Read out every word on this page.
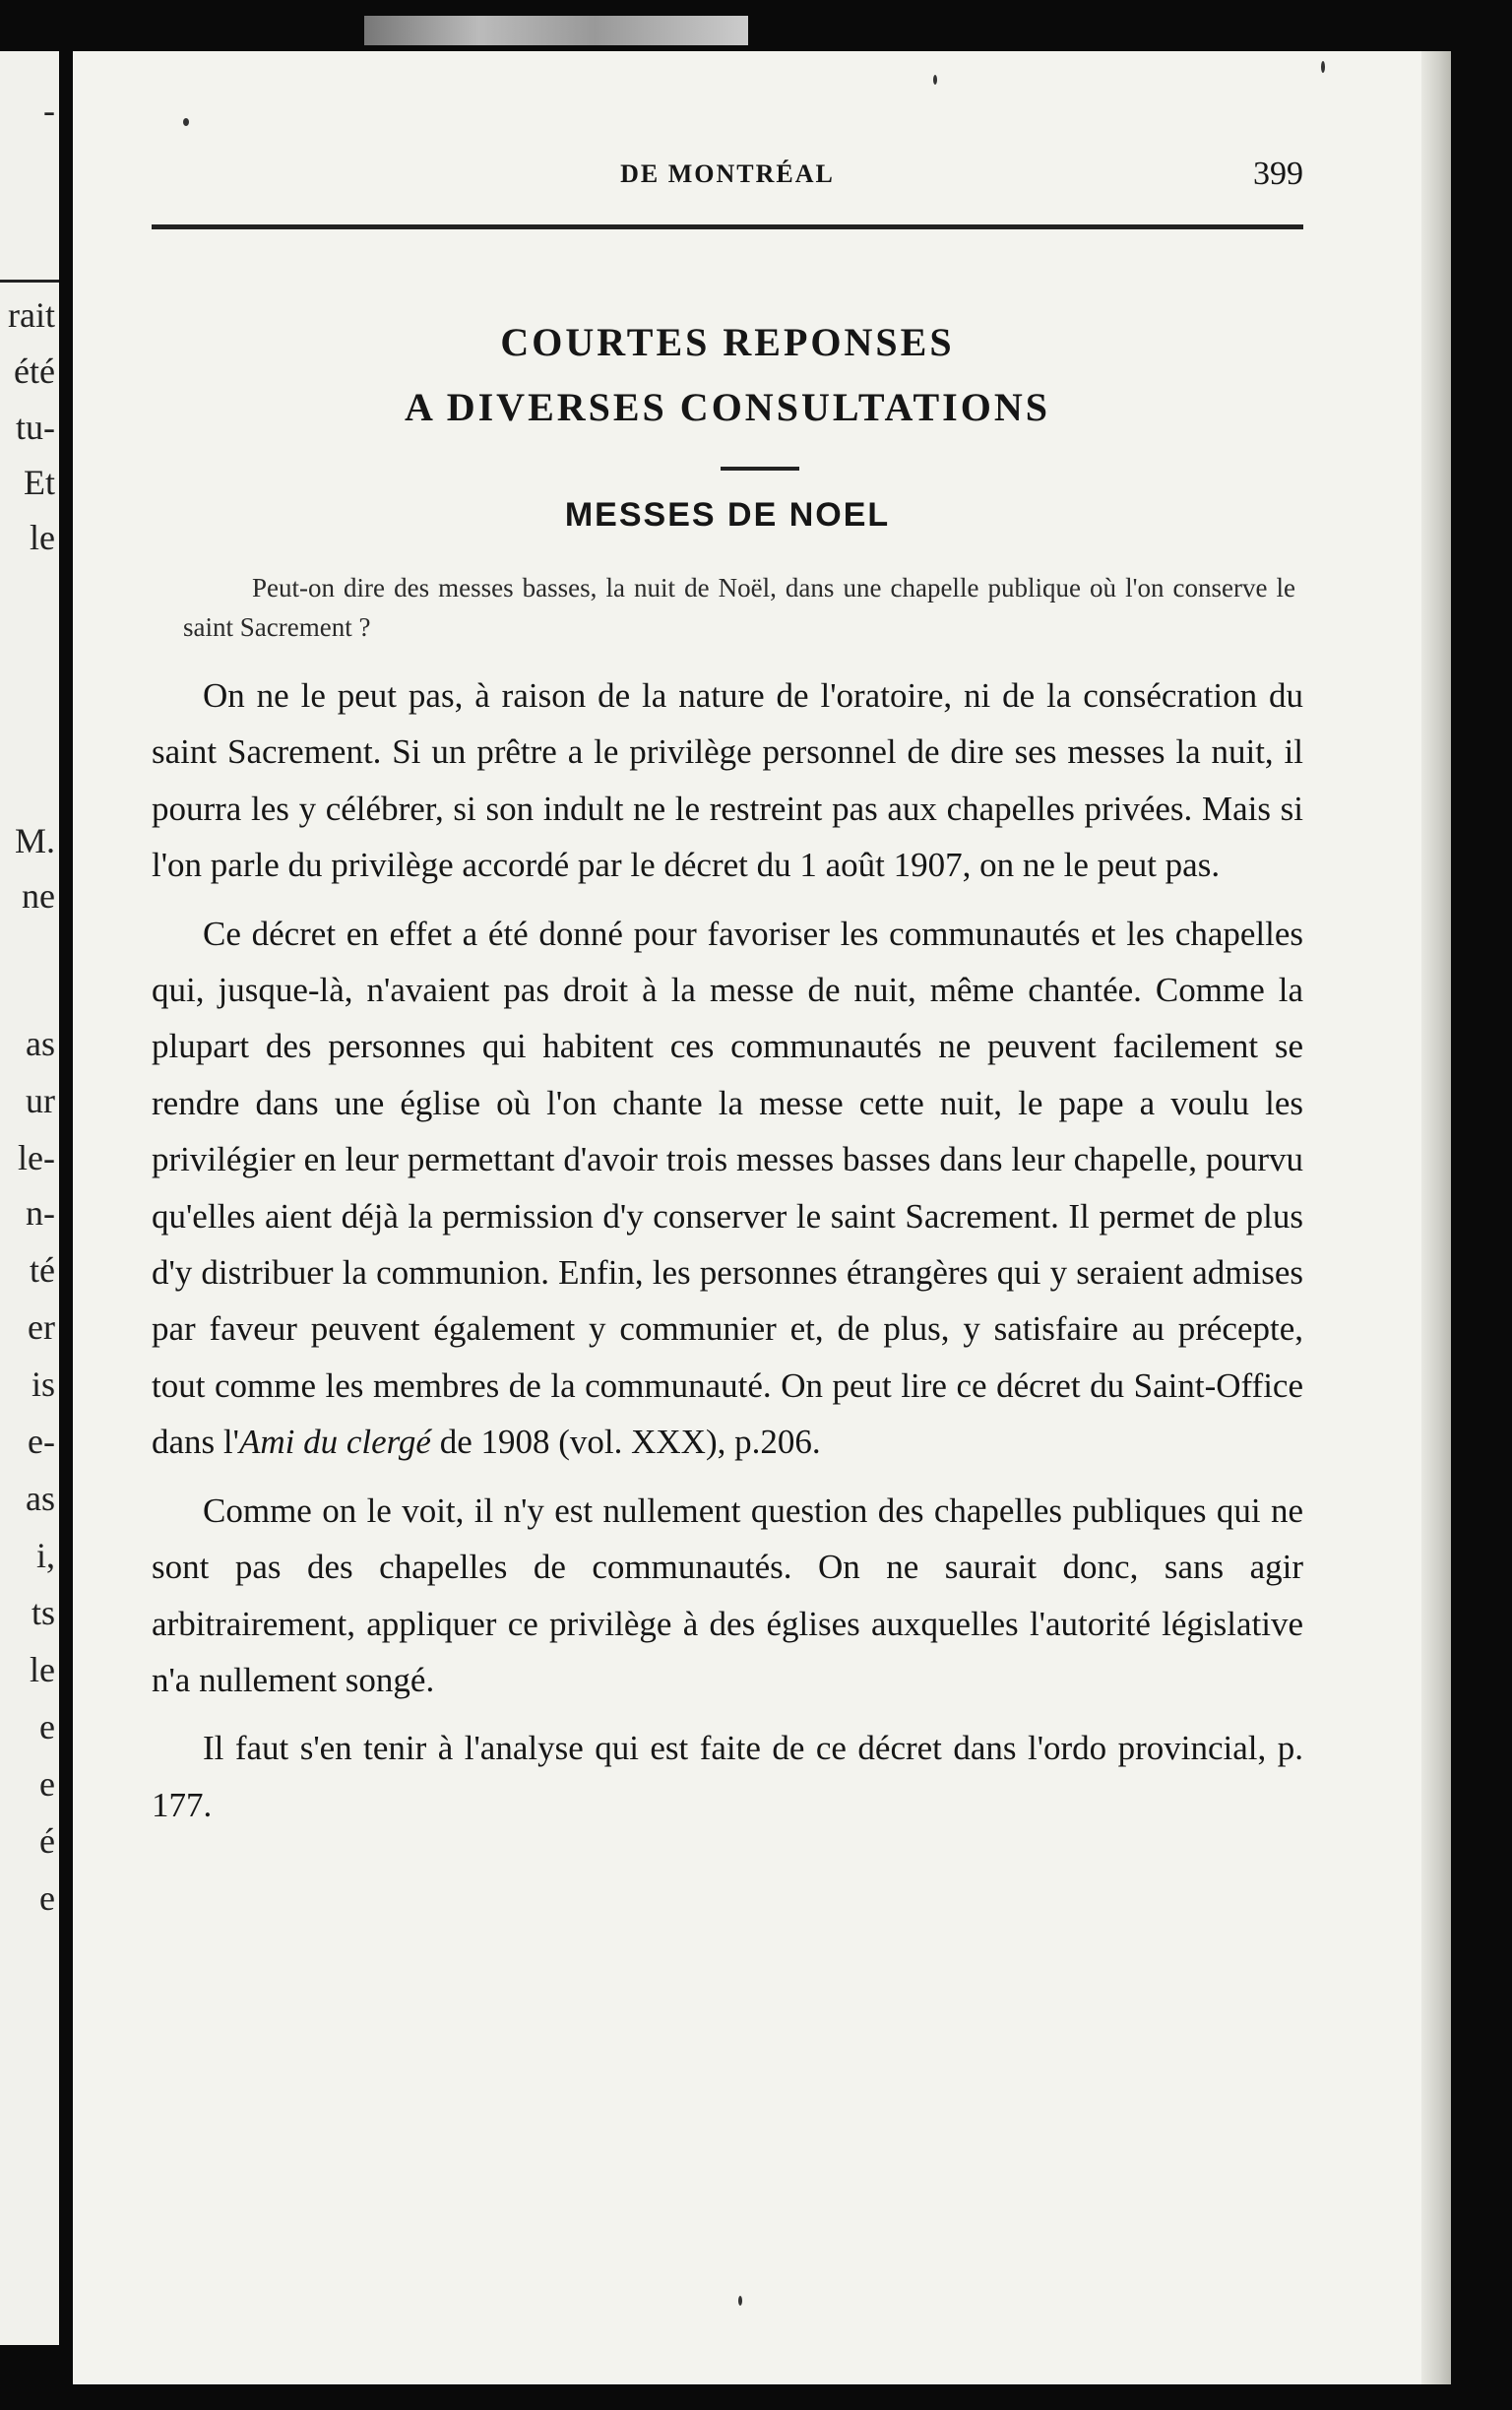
-
rait
été
tu-
Et
le
M.
ne
as
ur
le-
n-
té
er
is
e-
as
i,
ts
le
e
e
é
e
DE MONTRÉAL	399
COURTES REPONSES
A DIVERSES CONSULTATIONS
MESSES DE NOEL
Peut-on dire des messes basses, la nuit de Noël, dans une chapelle publique où l'on conserve le saint Sacrement ?

On ne le peut pas, à raison de la nature de l'oratoire, ni de la consécration du saint Sacrement. Si un prêtre a le privilège personnel de dire ses messes la nuit, il pourra les y célébrer, si son indult ne le restreint pas aux chapelles privées. Mais si l'on parle du privilège accordé par le décret du 1 août 1907, on ne le peut pas.

Ce décret en effet a été donné pour favoriser les communautés et les chapelles qui, jusque-là, n'avaient pas droit à la messe de nuit, même chantée. Comme la plupart des personnes qui habitent ces communautés ne peuvent facilement se rendre dans une église où l'on chante la messe cette nuit, le pape a voulu les privilégier en leur permettant d'avoir trois messes basses dans leur chapelle, pourvu qu'elles aient déjà la permission d'y conserver le saint Sacrement. Il permet de plus d'y distribuer la communion. Enfin, les personnes étrangères qui y seraient admises par faveur peuvent également y communier et, de plus, y satisfaire au précepte, tout comme les membres de la communauté. On peut lire ce décret du Saint-Office dans l'Ami du clergé de 1908 (vol. XXX), p.206.

Comme on le voit, il n'y est nullement question des chapelles publiques qui ne sont pas des chapelles de communautés. On ne saurait donc, sans agir arbitrairement, appliquer ce privilège à des églises auxquelles l'autorité législative n'a nullement songé.

Il faut s'en tenir à l'analyse qui est faite de ce décret dans l'ordo provincial, p. 177.
